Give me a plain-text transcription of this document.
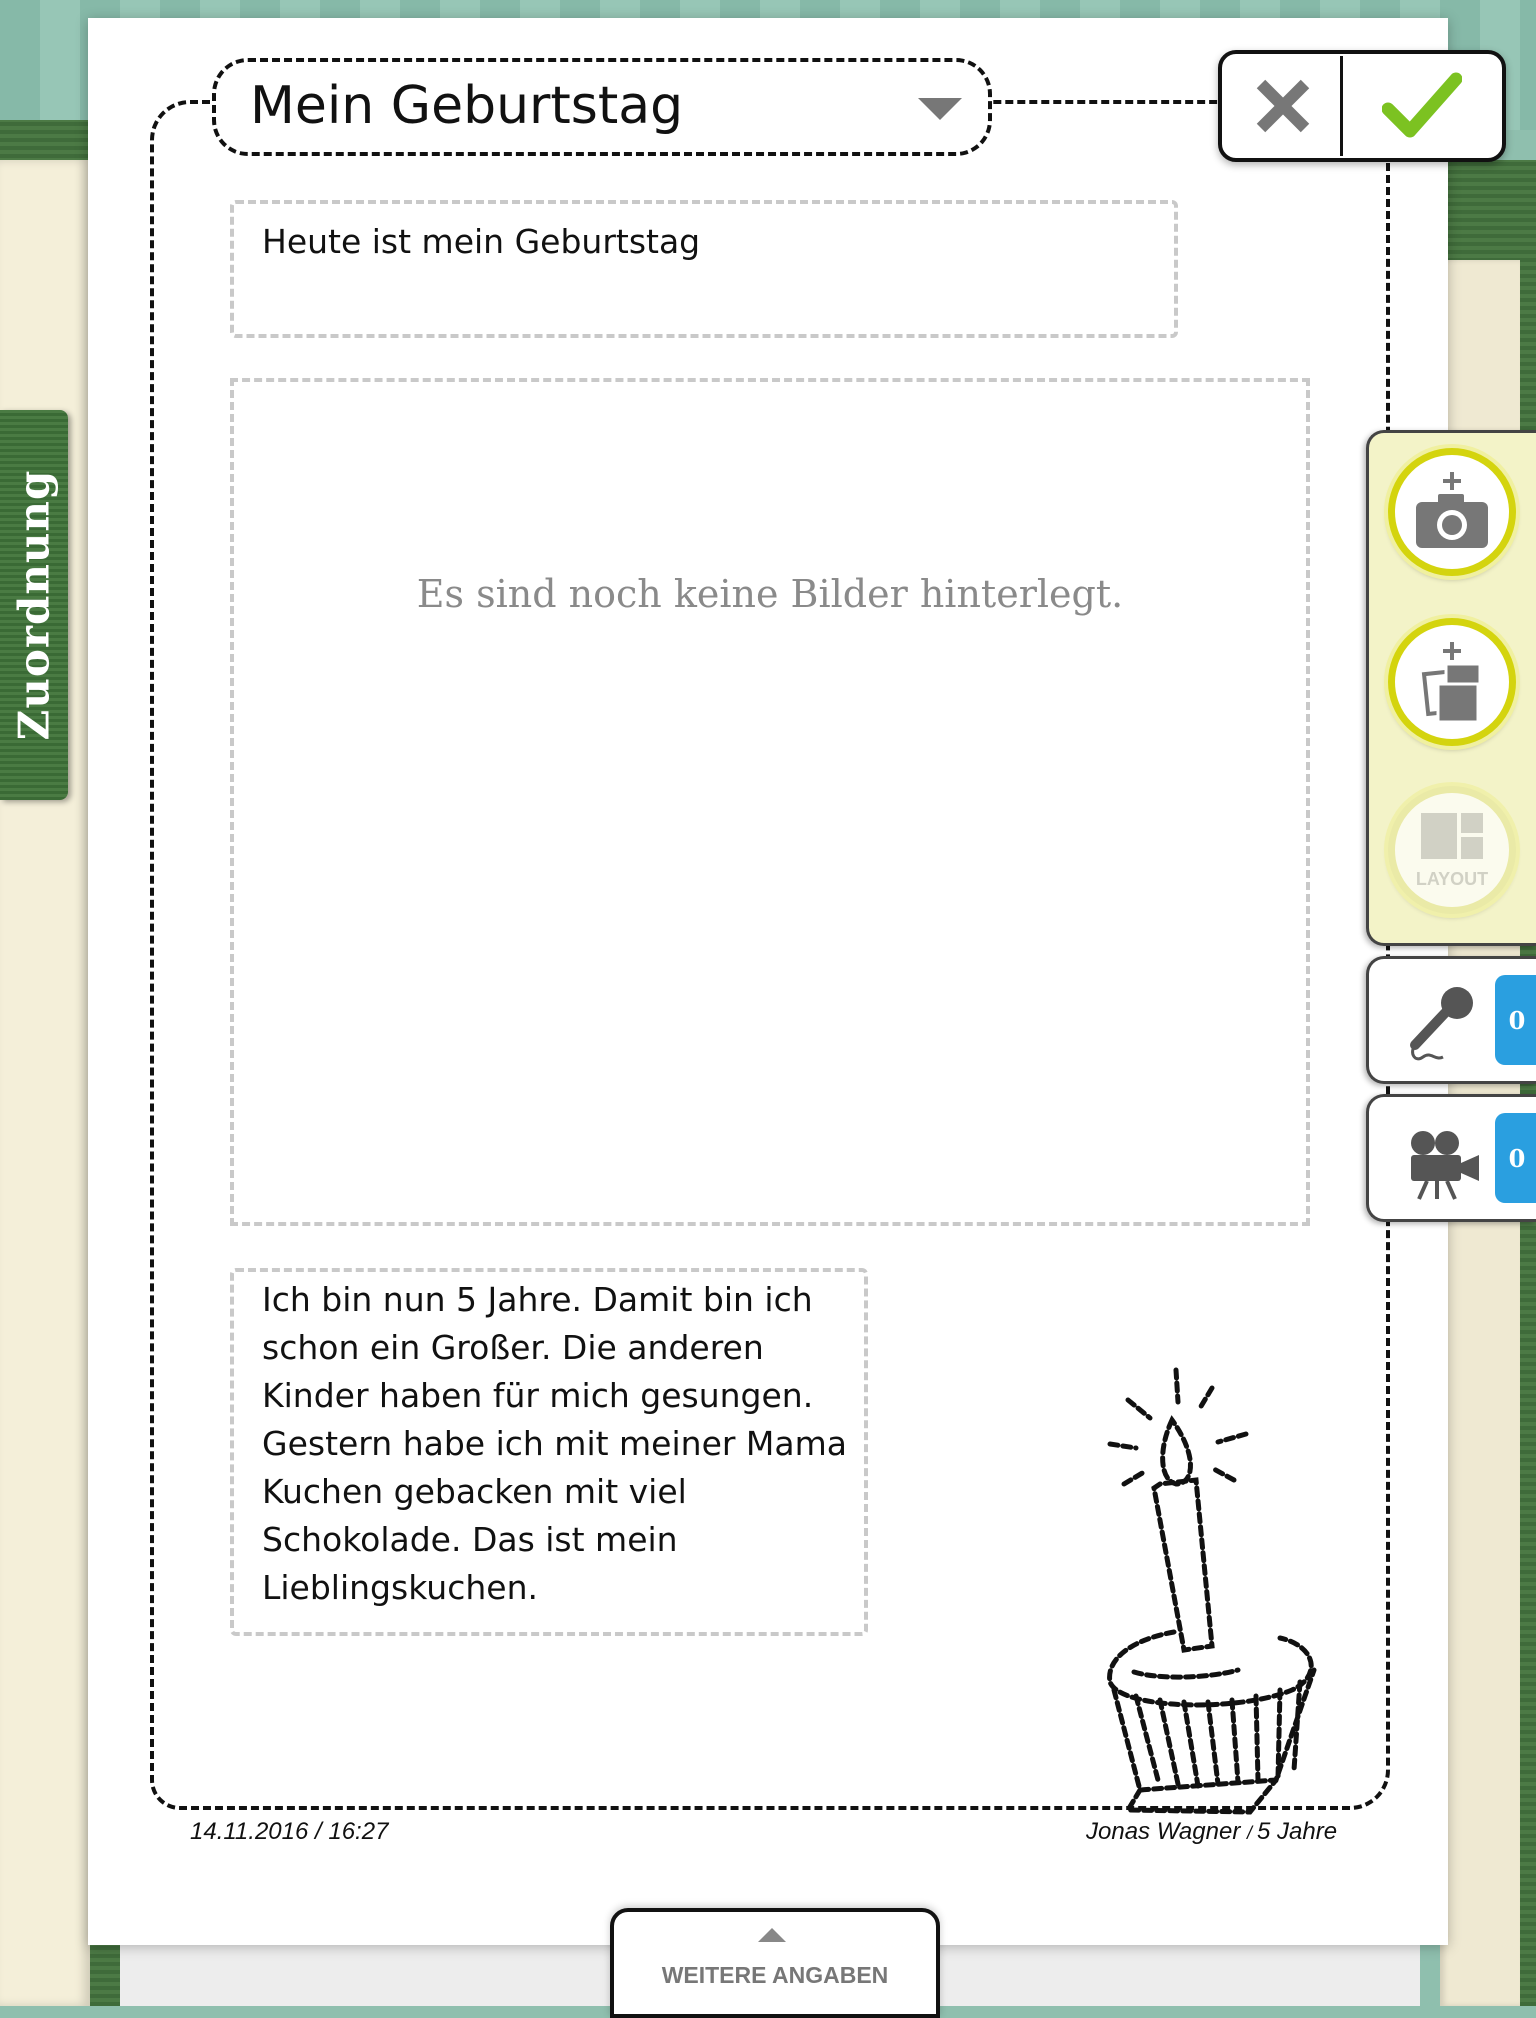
Zuordnung
Mein Geburtstag
Heute ist mein Geburtstag
Es sind noch keine Bilder hinterlegt.
Ich bin nun 5 Jahre. Damit bin ich
schon ein Großer. Die anderen
Kinder haben für mich gesungen.
Gestern habe ich mit meiner Mama
Kuchen gebacken mit viel
Schokolade. Das ist mein
Lieblingskuchen.
14.11.2016 / 16:27	Jonas Wagner / 5 Jahre
WEITERE ANGABEN
LAYOUT
0
0
